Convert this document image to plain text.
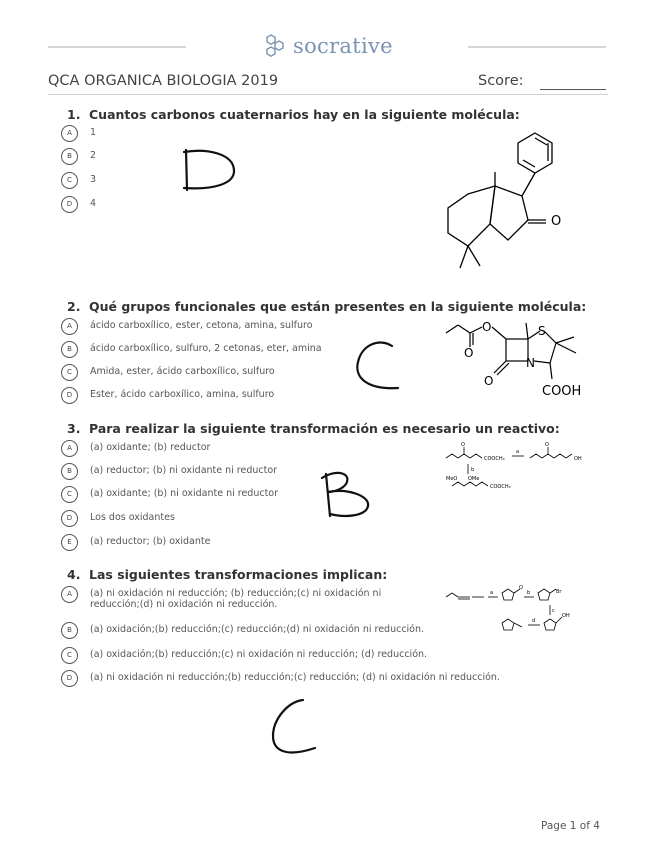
socrative
QCA ORGANICA BIOLOGIA 2019	Score:
1. Cuantos carbonos cuaternarios hay en la siguiente molécula:
A	1
B	2
C	3
D	4
O
2. Qué grupos funcionales que están presentes en la siguiente molécula:
A	ácido carboxílico, ester, cetona, amina, sulfuro
B	ácido carboxílico, sulfuro, 2 cetonas, eter, amina
C	Amida, ester, ácido carboxílico, sulfuro
D	Ester, ácido carboxílico, amina, sulfuro
O
O
O
S
N
COOH
3. Para realizar la siguiente transformación es necesario un reactivo:
A	(a) oxidante; (b) reductor
B	(a) reductor; (b) ni oxidante ni reductor
C	(a) oxidante; (b) ni oxidante ni reductor
D	Los dos oxidantes
E	(a) reductor; (b) oxidante
O
COOCH₃
a
O
OH
b
MeO OMe
COOCH₃
4. Las siguientes transformaciones implican:
A	(a) ni oxidación ni reducción; (b) reducción;(c) ni oxidación ni reducción;(d) ni oxidación ni reducción.
B	(a) oxidación;(b) reducción;(c) reducción;(d) ni oxidación ni reducción.
C	(a) oxidación;(b) reducción;(c) ni oxidación ni reducción; (d) reducción.
D	(a) ni oxidación ni reducción;(b) reducción;(c) reducción; (d) ni oxidación ni reducción.
a
O
b	Br
d
c
OH
Page 1 of 4
